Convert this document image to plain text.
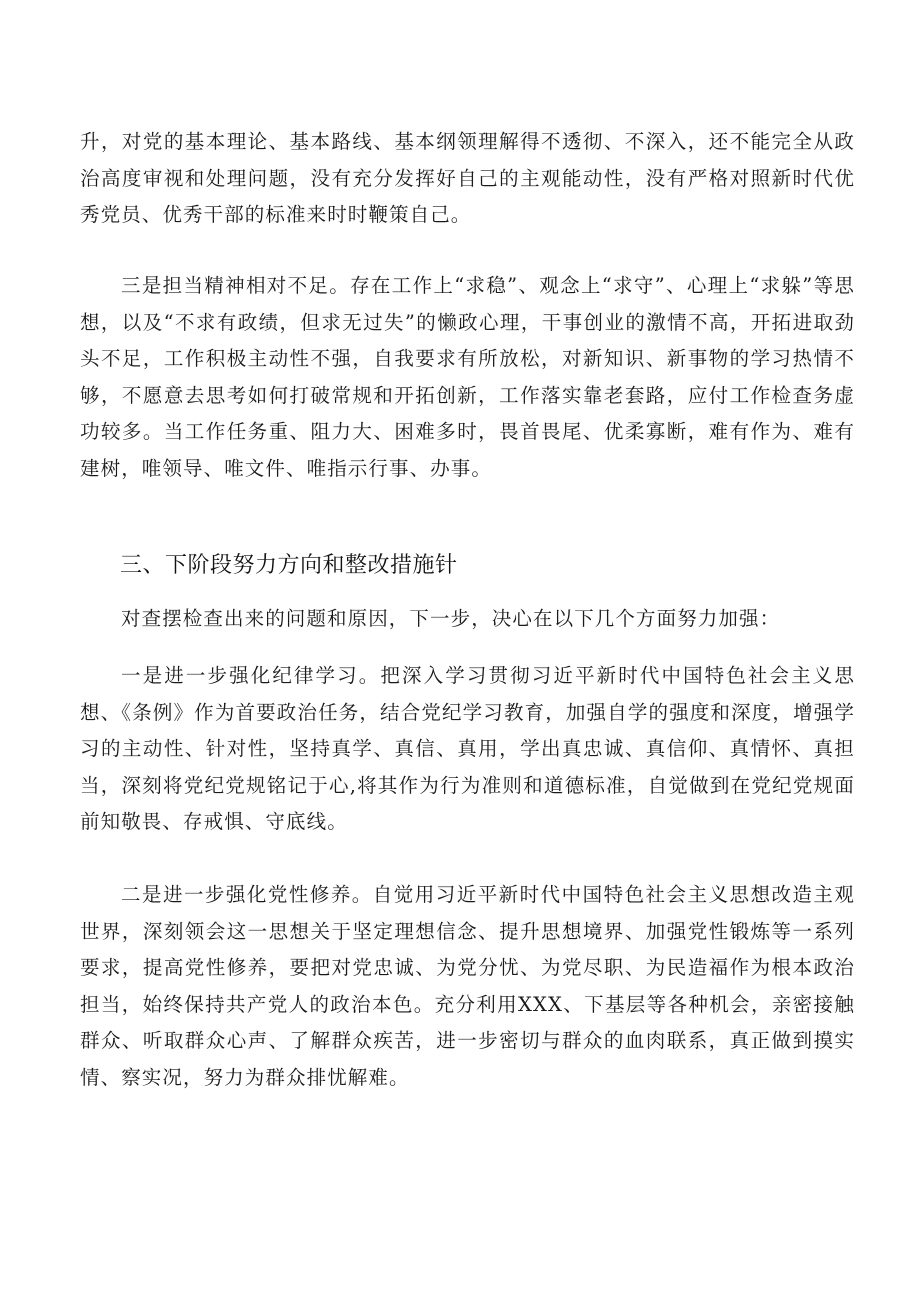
升，对党的基本理论、基本路线、基本纲领理解得不透彻、不深入，还不能完全从政治高度审视和处理问题，没有充分发挥好自己的主观能动性，没有严格对照新时代优秀党员、优秀干部的标准来时时鞭策自己。

三是担当精神相对不足。存在工作上“求稳”、观念上“求守”、心理上“求躲”等思想，以及“不求有政绩，但求无过失”的懒政心理，干事创业的激情不高，开拓进取劲头不足，工作积极主动性不强，自我要求有所放松，对新知识、新事物的学习热情不够，不愿意去思考如何打破常规和开拓创新，工作落实靠老套路，应付工作检查务虚功较多。当工作任务重、阻力大、困难多时，畏首畏尾、优柔寡断，难有作为、难有建树，唯领导、唯文件、唯指示行事、办事。

三、下阶段努力方向和整改措施针

对查摆检查出来的问题和原因，下一步，决心在以下几个方面努力加强：

一是进一步强化纪律学习。把深入学习贯彻习近平新时代中国特色社会主义思想、《条例》作为首要政治任务，结合党纪学习教育，加强自学的强度和深度，增强学习的主动性、针对性，坚持真学、真信、真用，学出真忠诚、真信仰、真情怀、真担当，深刻将党纪党规铭记于心,将其作为行为准则和道德标准，自觉做到在党纪党规面前知敬畏、存戒惧、守底线。

二是进一步强化党性修养。自觉用习近平新时代中国特色社会主义思想改造主观世界，深刻领会这一思想关于坚定理想信念、提升思想境界、加强党性锻炼等一系列要求，提高党性修养，要把对党忠诚、为党分忧、为党尽职、为民造福作为根本政治担当，始终保持共产党人的政治本色。充分利用XXX、下基层等各种机会，亲密接触群众、听取群众心声、了解群众疾苦，进一步密切与群众的血肉联系，真正做到摸实情、察实况，努力为群众排忧解难。
